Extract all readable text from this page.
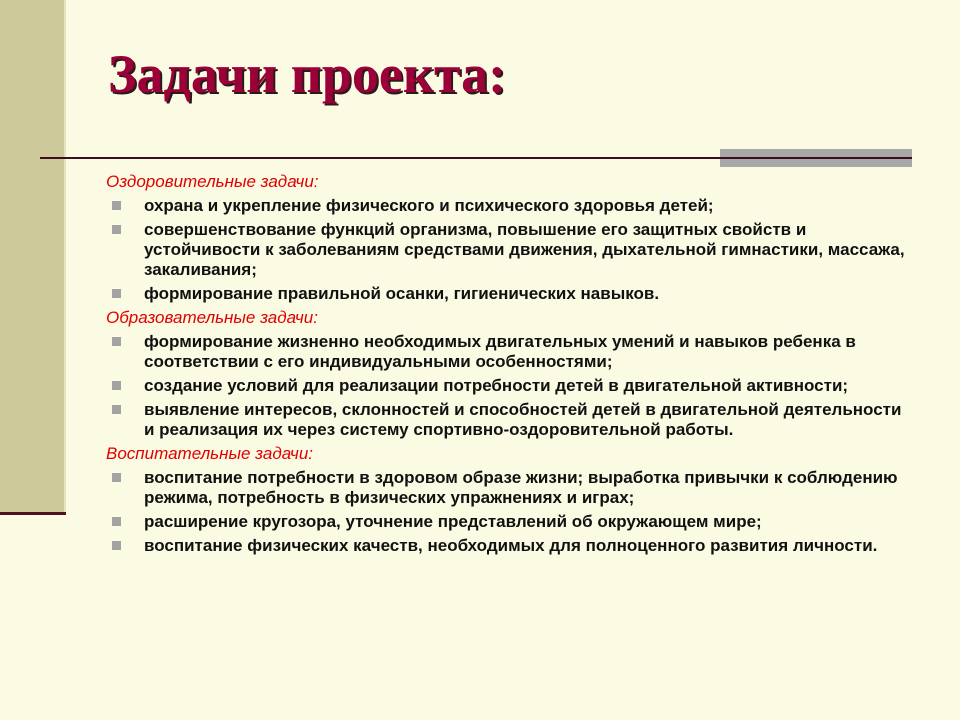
Задачи проекта:
Оздоровительные задачи:
охрана и укрепление физического и психического здоровья детей;
совершенствование функций организма, повышение его защитных свойств и устойчивости к заболеваниям средствами движения, дыхательной гимнастики, массажа, закаливания;
формирование правильной осанки, гигиенических навыков.
Образовательные задачи:
формирование жизненно необходимых двигательных умений и навыков ребенка в соответствии с его индивидуальными особенностями;
создание условий для реализации потребности детей в двигательной активности;
выявление интересов, склонностей и способностей детей в двигательной деятельности и реализация их через систему спортивно-оздоровительной работы.
Воспитательные задачи:
воспитание потребности в здоровом образе жизни; выработка привычки к соблюдению режима, потребность в физических упражнениях и играх;
расширение кругозора, уточнение представлений об окружающем мире;
воспитание физических качеств, необходимых для полноценного развития личности.
